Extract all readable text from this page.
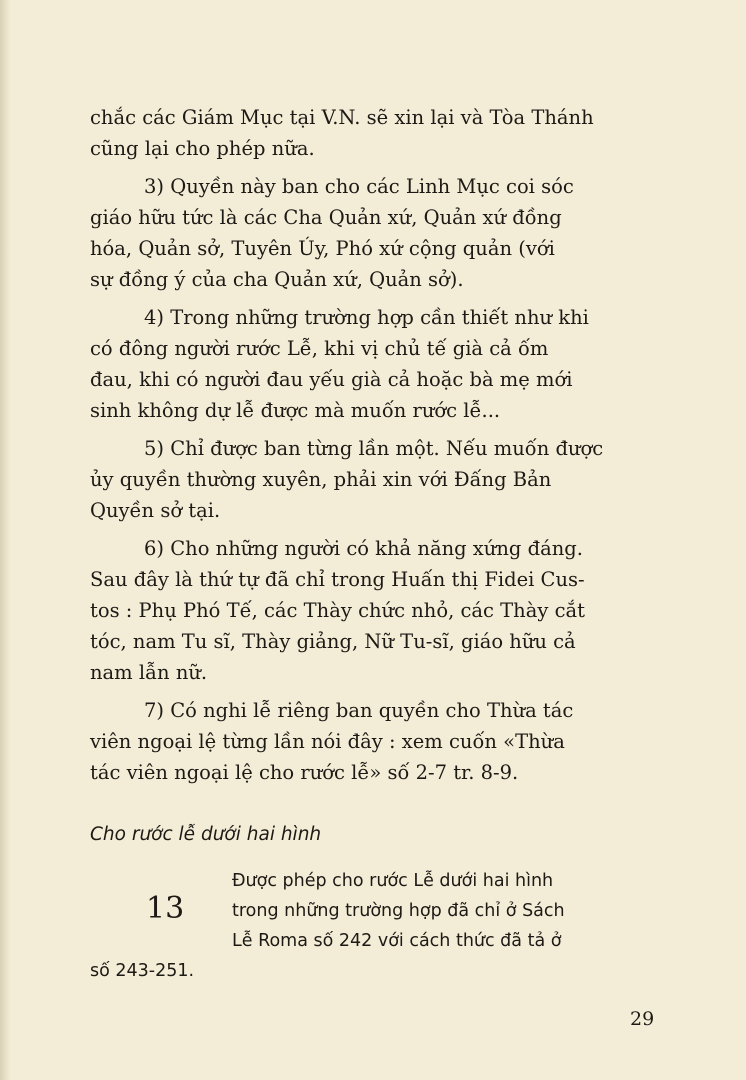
chắc các Giám Mục tại V.N. sẽ xin lại và Tòa Thánh
cũng lại cho phép nữa.

3) Quyền này ban cho các Linh Mục coi sóc
giáo hữu tức là các Cha Quản xứ, Quản xứ đồng
hóa, Quản sở, Tuyên Úy, Phó xứ cộng quản (với
sự đồng ý của cha Quản xứ, Quản sở).

4) Trong những trường hợp cần thiết như khi
có đông người rước Lễ, khi vị chủ tế già cả ốm
đau, khi có người đau yếu già cả hoặc bà mẹ mới
sinh không dự lễ được mà muốn rước lễ...

5) Chỉ được ban từng lần một. Nếu muốn được
ủy quyền thường xuyên, phải xin với Đấng Bản
Quyền sở tại.

6) Cho những người có khả năng xứng đáng.
Sau đây là thứ tự đã chỉ trong Huấn thị Fidei Cus-
tos : Phụ Phó Tế, các Thày chức nhỏ, các Thày cắt
tóc, nam Tu sĩ, Thày giảng, Nữ Tu-sĩ, giáo hữu cả
nam lẫn nữ.

7) Có nghi lễ riêng ban quyền cho Thừa tác
viên ngoại lệ từng lần nói đây : xem cuốn «Thừa
tác viên ngoại lệ cho rước lễ» số 2-7 tr. 8-9.

Cho rước lễ dưới hai hình
13
Được phép cho rước Lễ dưới hai hình
trong những trường hợp đã chỉ ở Sách
Lễ Roma số 242 với cách thức đã tả ở
số 243-251.
29
